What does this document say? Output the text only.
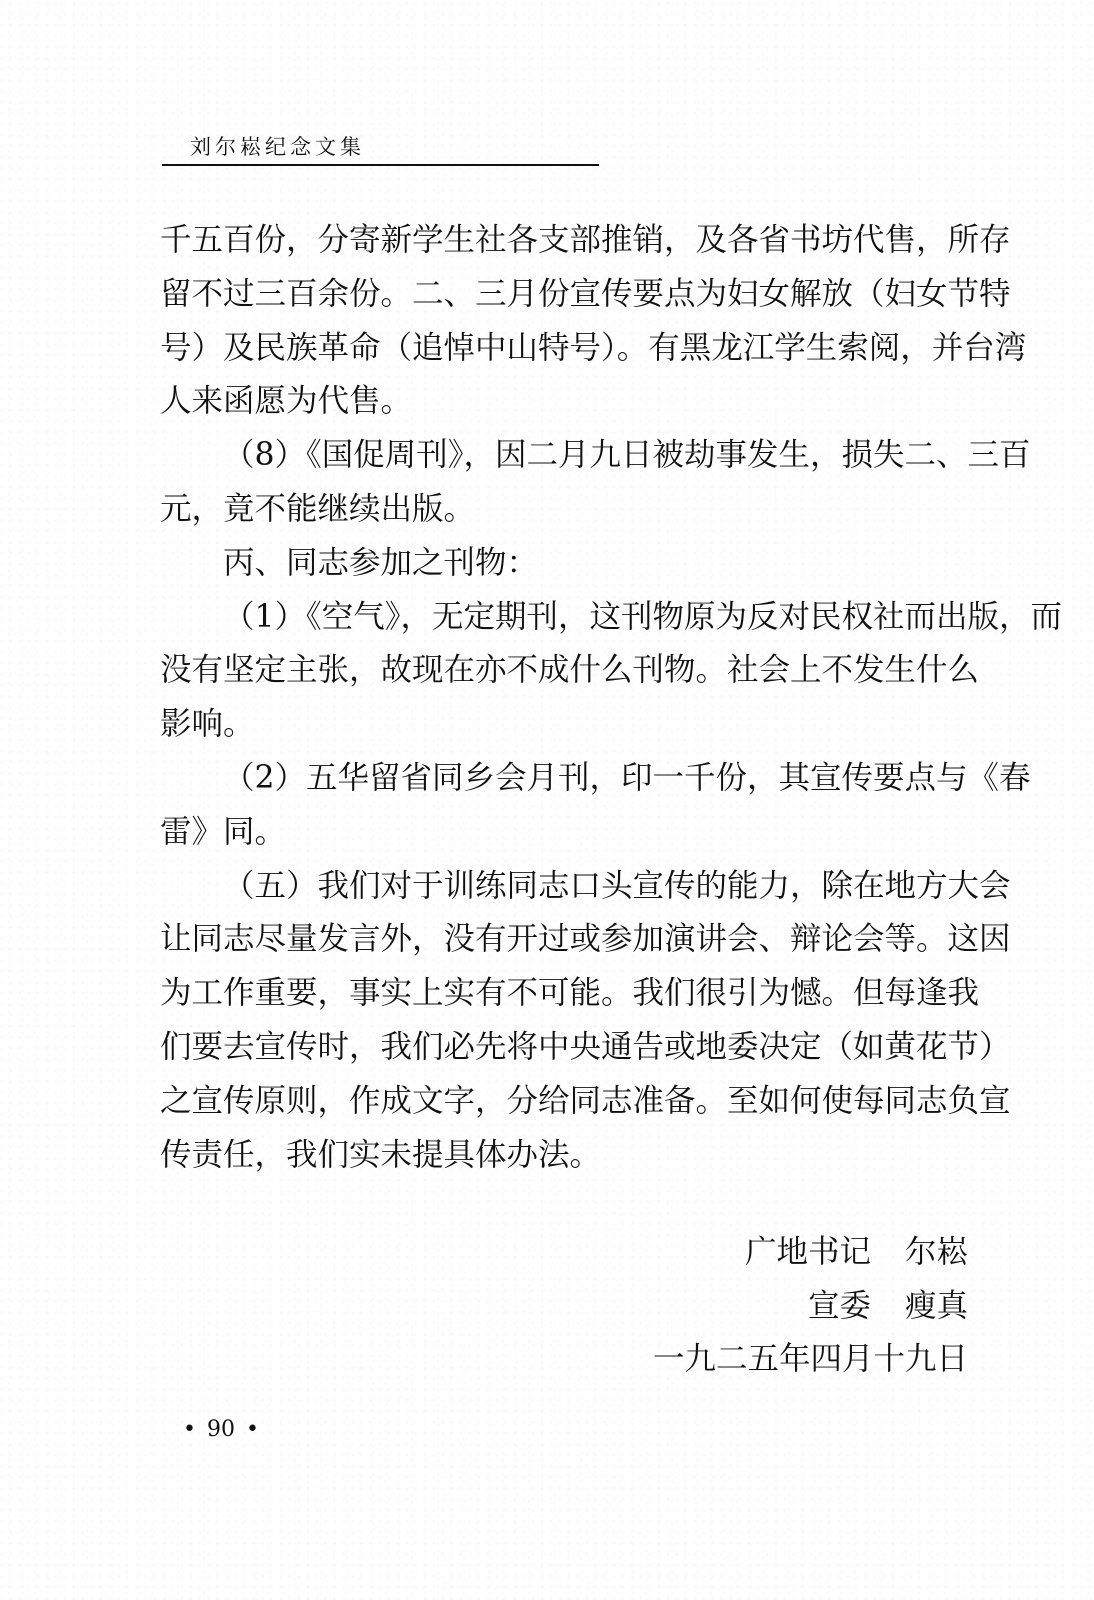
刘尔崧纪念文集
千五百份，分寄新学生社各支部推销，及各省书坊代售，所存
留不过三百余份。二、三月份宣传要点为妇女解放（妇女节特
号）及民族革命（追悼中山特号）。有黑龙江学生索阅，并台湾
人来函愿为代售。
（8）《国促周刊》，因二月九日被劫事发生，损失二、三百
元，竟不能继续出版。
丙、同志参加之刊物：
（1）《空气》，无定期刊，这刊物原为反对民权社而出版，而
没有坚定主张，故现在亦不成什么刊物。社会上不发生什么
影响。
（2）五华留省同乡会月刊，印一千份，其宣传要点与《春
雷》同。
（五）我们对于训练同志口头宣传的能力，除在地方大会
让同志尽量发言外，没有开过或参加演讲会、辩论会等。这因
为工作重要，事实上实有不可能。我们很引为憾。但每逢我
们要去宣传时，我们必先将中央通告或地委决定（如黄花节）
之宣传原则，作成文字，分给同志准备。至如何使每同志负宣
传责任，我们实未提具体办法。
广地书记 尔崧
宣委 瘦真
一九二五年四月十九日
• 90 •
